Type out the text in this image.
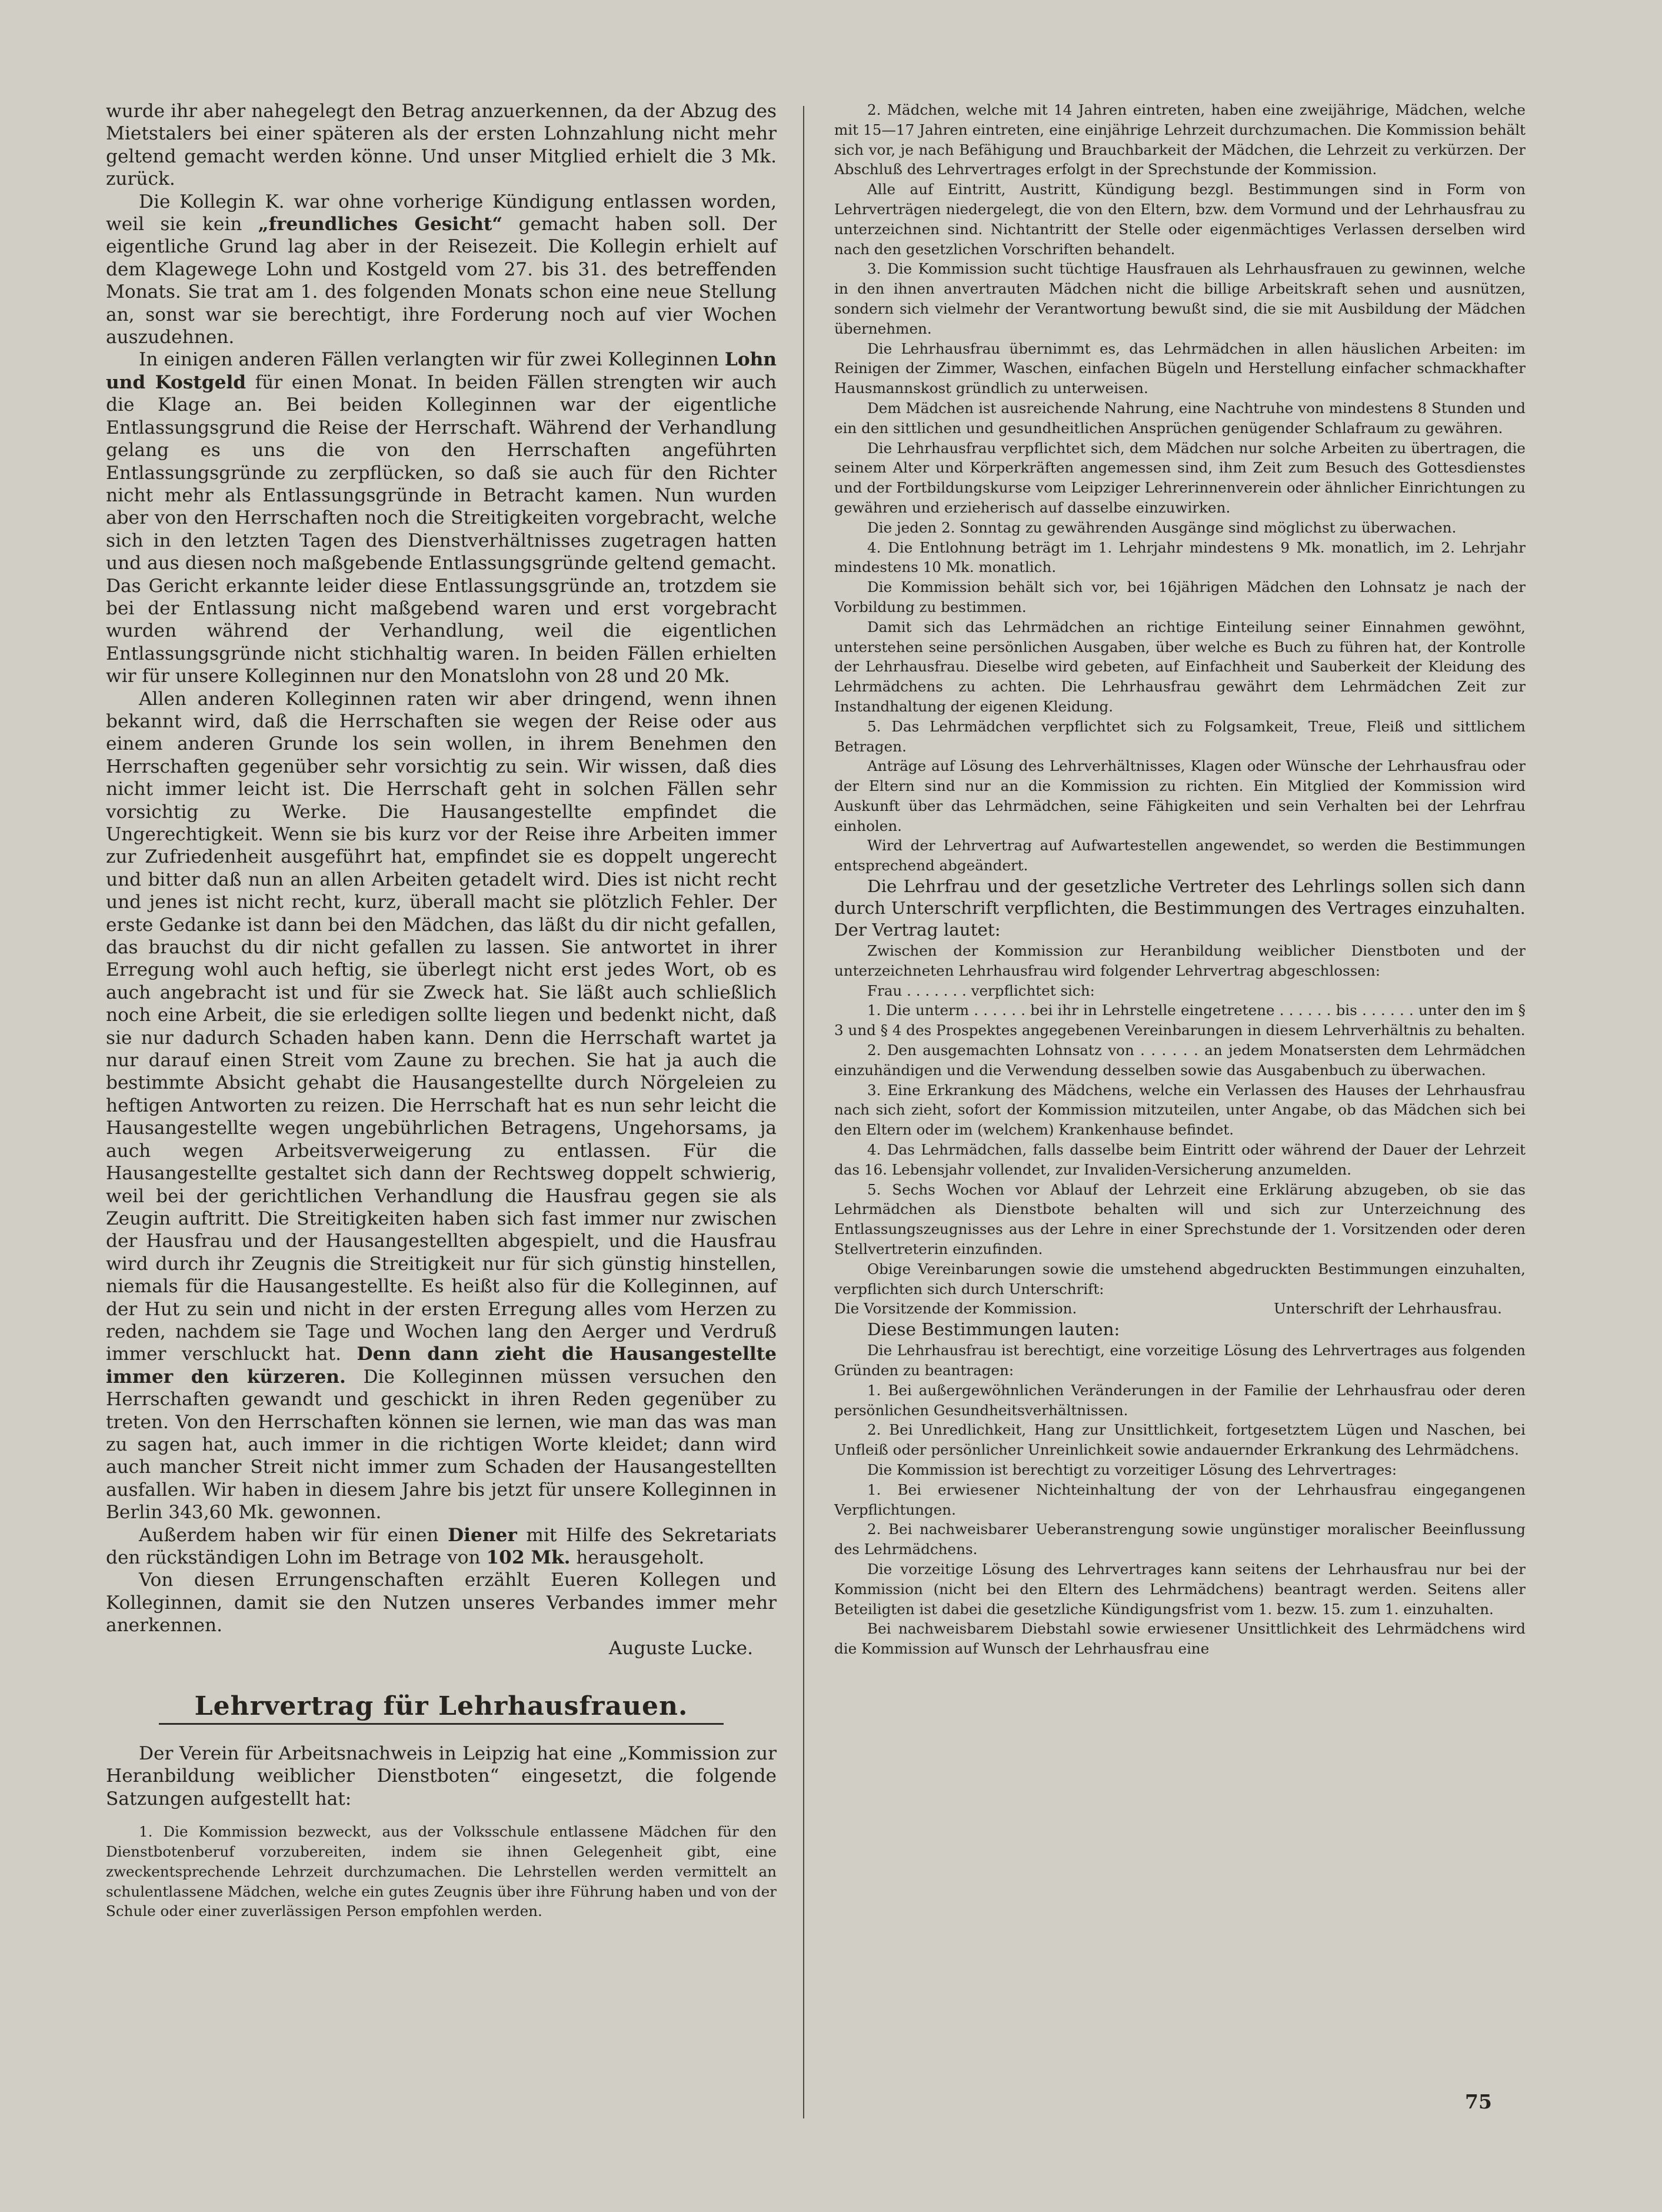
wurde ihr aber nahegelegt den Betrag anzuerkennen, da der Abzug des Mietstalers bei einer späteren als der ersten Lohnzahlung nicht mehr geltend gemacht werden könne. Und unser Mitglied erhielt die 3 Mk. zurück.

Die Kollegin K. war ohne vorherige Kündigung entlassen worden, weil sie kein „freundliches Gesicht“ gemacht haben soll. Der eigentliche Grund lag aber in der Reisezeit. Die Kollegin erhielt auf dem Klagewege Lohn und Kostgeld vom 27. bis 31. des betreffenden Monats. Sie trat am 1. des folgenden Monats schon eine neue Stellung an, sonst war sie berechtigt, ihre Forderung noch auf vier Wochen auszudehnen.

In einigen anderen Fällen verlangten wir für zwei Kolleginnen Lohn und Kostgeld für einen Monat. In beiden Fällen strengten wir auch die Klage an. Bei beiden Kolleginnen war der eigentliche Entlassungsgrund die Reise der Herrschaft. Während der Verhandlung gelang es uns die von den Herrschaften angeführten Entlassungsgründe zu zerpflücken, so daß sie auch für den Richter nicht mehr als Entlassungsgründe in Betracht kamen. Nun wurden aber von den Herrschaften noch die Streitigkeiten vorgebracht, welche sich in den letzten Tagen des Dienstverhältnisses zugetragen hatten und aus diesen noch maßgebende Entlassungsgründe geltend gemacht. Das Gericht erkannte leider diese Entlassungsgründe an, trotzdem sie bei der Entlassung nicht maßgebend waren und erst vorgebracht wurden während der Verhandlung, weil die eigentlichen Entlassungsgründe nicht stichhaltig waren. In beiden Fällen erhielten wir für unsere Kolleginnen nur den Monatslohn von 28 und 20 Mk.

Allen anderen Kolleginnen raten wir aber dringend, wenn ihnen bekannt wird, daß die Herrschaften sie wegen der Reise oder aus einem anderen Grunde los sein wollen, in ihrem Benehmen den Herrschaften gegenüber sehr vorsichtig zu sein. Wir wissen, daß dies nicht immer leicht ist. Die Herrschaft geht in solchen Fällen sehr vorsichtig zu Werke. Die Hausangestellte empfindet die Ungerechtigkeit. Wenn sie bis kurz vor der Reise ihre Arbeiten immer zur Zufriedenheit ausgeführt hat, empfindet sie es doppelt ungerecht und bitter daß nun an allen Arbeiten getadelt wird. Dies ist nicht recht und jenes ist nicht recht, kurz, überall macht sie plötzlich Fehler. Der erste Gedanke ist dann bei den Mädchen, das läßt du dir nicht gefallen, das brauchst du dir nicht gefallen zu lassen. Sie antwortet in ihrer Erregung wohl auch heftig, sie überlegt nicht erst jedes Wort, ob es auch angebracht ist und für sie Zweck hat. Sie läßt auch schließlich noch eine Arbeit, die sie erledigen sollte liegen und bedenkt nicht, daß sie nur dadurch Schaden haben kann. Denn die Herrschaft wartet ja nur darauf einen Streit vom Zaune zu brechen. Sie hat ja auch die bestimmte Absicht gehabt die Hausangestellte durch Nörgeleien zu heftigen Antworten zu reizen. Die Herrschaft hat es nun sehr leicht die Hausangestellte wegen ungebührlichen Betragens, Ungehorsams, ja auch wegen Arbeitsverweigerung zu entlassen. Für die Hausangestellte gestaltet sich dann der Rechtsweg doppelt schwierig, weil bei der gerichtlichen Verhandlung die Hausfrau gegen sie als Zeugin auftritt. Die Streitigkeiten haben sich fast immer nur zwischen der Hausfrau und der Hausangestellten abgespielt, und die Hausfrau wird durch ihr Zeugnis die Streitigkeit nur für sich günstig hinstellen, niemals für die Hausangestellte. Es heißt also für die Kolleginnen, auf der Hut zu sein und nicht in der ersten Erregung alles vom Herzen zu reden, nachdem sie Tage und Wochen lang den Aerger und Verdruß immer verschluckt hat. Denn dann zieht die Hausangestellte immer den kürzeren. Die Kolleginnen müssen versuchen den Herrschaften gewandt und geschickt in ihren Reden gegenüber zu treten. Von den Herrschaften können sie lernen, wie man das was man zu sagen hat, auch immer in die richtigen Worte kleidet; dann wird auch mancher Streit nicht immer zum Schaden der Hausangestellten ausfallen. Wir haben in diesem Jahre bis jetzt für unsere Kolleginnen in Berlin 343,60 Mk. gewonnen.

Außerdem haben wir für einen Diener mit Hilfe des Sekretariats den rückständigen Lohn im Betrage von 102 Mk. herausgeholt.

Von diesen Errungenschaften erzählt Eueren Kollegen und Kolleginnen, damit sie den Nutzen unseres Verbandes immer mehr anerkennen.

Auguste Lucke.

Lehrvertrag für Lehrhausfrauen.

Der Verein für Arbeitsnachweis in Leipzig hat eine „Kommission zur Heranbildung weiblicher Dienstboten“ eingesetzt, die folgende Satzungen aufgestellt hat:

1. Die Kommission bezweckt, aus der Volksschule entlassene Mädchen für den Dienstbotenberuf vorzubereiten, indem sie ihnen Gelegenheit gibt, eine zweckentsprechende Lehrzeit durchzumachen. Die Lehrstellen werden vermittelt an schulentlassene Mädchen, welche ein gutes Zeugnis über ihre Führung haben und von der Schule oder einer zuverlässigen Person empfohlen werden.

2. Mädchen, welche mit 14 Jahren eintreten, haben eine zweijährige, Mädchen, welche mit 15—17 Jahren eintreten, eine einjährige Lehrzeit durchzumachen. Die Kommission behält sich vor, je nach Befähigung und Brauchbarkeit der Mädchen, die Lehrzeit zu verkürzen. Der Abschluß des Lehrvertrages erfolgt in der Sprechstunde der Kommission.

Alle auf Eintritt, Austritt, Kündigung bezgl. Bestimmungen sind in Form von Lehrverträgen niedergelegt, die von den Eltern, bzw. dem Vormund und der Lehrhausfrau zu unterzeichnen sind. Nichtantritt der Stelle oder eigenmächtiges Verlassen derselben wird nach den gesetzlichen Vorschriften behandelt.

3. Die Kommission sucht tüchtige Hausfrauen als Lehrhausfrauen zu gewinnen, welche in den ihnen anvertrauten Mädchen nicht die billige Arbeitskraft sehen und ausnützen, sondern sich vielmehr der Verantwortung bewußt sind, die sie mit Ausbildung der Mädchen übernehmen.

Die Lehrhausfrau übernimmt es, das Lehrmädchen in allen häuslichen Arbeiten: im Reinigen der Zimmer, Waschen, einfachen Bügeln und Herstellung einfacher schmackhafter Hausmannskost gründlich zu unterweisen.

Dem Mädchen ist ausreichende Nahrung, eine Nachtruhe von mindestens 8 Stunden und ein den sittlichen und gesundheitlichen Ansprüchen genügender Schlafraum zu gewähren.

Die Lehrhausfrau verpflichtet sich, dem Mädchen nur solche Arbeiten zu übertragen, die seinem Alter und Körperkräften angemessen sind, ihm Zeit zum Besuch des Gottesdienstes und der Fortbildungskurse vom Leipziger Lehrerinnenverein oder ähnlicher Einrichtungen zu gewähren und erzieherisch auf dasselbe einzuwirken.

Die jeden 2. Sonntag zu gewährenden Ausgänge sind möglichst zu überwachen.

4. Die Entlohnung beträgt im 1. Lehrjahr mindestens 9 Mk. monatlich, im 2. Lehrjahr mindestens 10 Mk. monatlich.

Die Kommission behält sich vor, bei 16jährigen Mädchen den Lohnsatz je nach der Vorbildung zu bestimmen.

Damit sich das Lehrmädchen an richtige Einteilung seiner Einnahmen gewöhnt, unterstehen seine persönlichen Ausgaben, über welche es Buch zu führen hat, der Kontrolle der Lehrhausfrau. Dieselbe wird gebeten, auf Einfachheit und Sauberkeit der Kleidung des Lehrmädchens zu achten. Die Lehrhausfrau gewährt dem Lehrmädchen Zeit zur Instandhaltung der eigenen Kleidung.

5. Das Lehrmädchen verpflichtet sich zu Folgsamkeit, Treue, Fleiß und sittlichem Betragen.

Anträge auf Lösung des Lehrverhältnisses, Klagen oder Wünsche der Lehrhausfrau oder der Eltern sind nur an die Kommission zu richten. Ein Mitglied der Kommission wird Auskunft über das Lehrmädchen, seine Fähigkeiten und sein Verhalten bei der Lehrfrau einholen.

Wird der Lehrvertrag auf Aufwartestellen angewendet, so werden die Bestimmungen entsprechend abgeändert.

Die Lehrfrau und der gesetzliche Vertreter des Lehrlings sollen sich dann durch Unterschrift verpflichten, die Bestimmungen des Vertrages einzuhalten. Der Vertrag lautet:

Zwischen der Kommission zur Heranbildung weiblicher Dienstboten und der unterzeichneten Lehrhausfrau wird folgender Lehrvertrag abgeschlossen:

Frau . . . . . . . verpflichtet sich:

1. Die unterm . . . . . . bei ihr in Lehrstelle eingetretene . . . . . . bis . . . . . . unter den im § 3 und § 4 des Prospektes angegebenen Vereinbarungen in diesem Lehrverhältnis zu behalten.

2. Den ausgemachten Lohnsatz von . . . . . . an jedem Monatsersten dem Lehrmädchen einzuhändigen und die Verwendung desselben sowie das Ausgabenbuch zu überwachen.

3. Eine Erkrankung des Mädchens, welche ein Verlassen des Hauses der Lehrhausfrau nach sich zieht, sofort der Kommission mitzuteilen, unter Angabe, ob das Mädchen sich bei den Eltern oder im (welchem) Krankenhause befindet.

4. Das Lehrmädchen, falls dasselbe beim Eintritt oder während der Dauer der Lehrzeit das 16. Lebensjahr vollendet, zur Invaliden-Versicherung anzumelden.

5. Sechs Wochen vor Ablauf der Lehrzeit eine Erklärung abzugeben, ob sie das Lehrmädchen als Dienstbote behalten will und sich zur Unterzeichnung des Entlassungszeugnisses aus der Lehre in einer Sprechstunde der 1. Vorsitzenden oder deren Stellvertreterin einzufinden.

Obige Vereinbarungen sowie die umstehend abgedruckten Bestimmungen einzuhalten, verpflichten sich durch Unterschrift:

Die Vorsitzende der Kommission.	Unterschrift der Lehrhausfrau.

Diese Bestimmungen lauten:

Die Lehrhausfrau ist berechtigt, eine vorzeitige Lösung des Lehrvertrages aus folgenden Gründen zu beantragen:

1. Bei außergewöhnlichen Veränderungen in der Familie der Lehrhausfrau oder deren persönlichen Gesundheitsverhältnissen.

2. Bei Unredlichkeit, Hang zur Unsittlichkeit, fortgesetztem Lügen und Naschen, bei Unfleiß oder persönlicher Unreinlichkeit sowie andauernder Erkrankung des Lehrmädchens.

Die Kommission ist berechtigt zu vorzeitiger Lösung des Lehrvertrages:

1. Bei erwiesener Nichteinhaltung der von der Lehrhausfrau eingegangenen Verpflichtungen.

2. Bei nachweisbarer Ueberanstrengung sowie ungünstiger moralischer Beeinflussung des Lehrmädchens.

Die vorzeitige Lösung des Lehrvertrages kann seitens der Lehrhausfrau nur bei der Kommission (nicht bei den Eltern des Lehrmädchens) beantragt werden. Seitens aller Beteiligten ist dabei die gesetzliche Kündigungsfrist vom 1. bezw. 15. zum 1. einzuhalten.

Bei nachweisbarem Diebstahl sowie erwiesener Unsittlichkeit des Lehrmädchens wird die Kommission auf Wunsch der Lehrhausfrau eine

75
